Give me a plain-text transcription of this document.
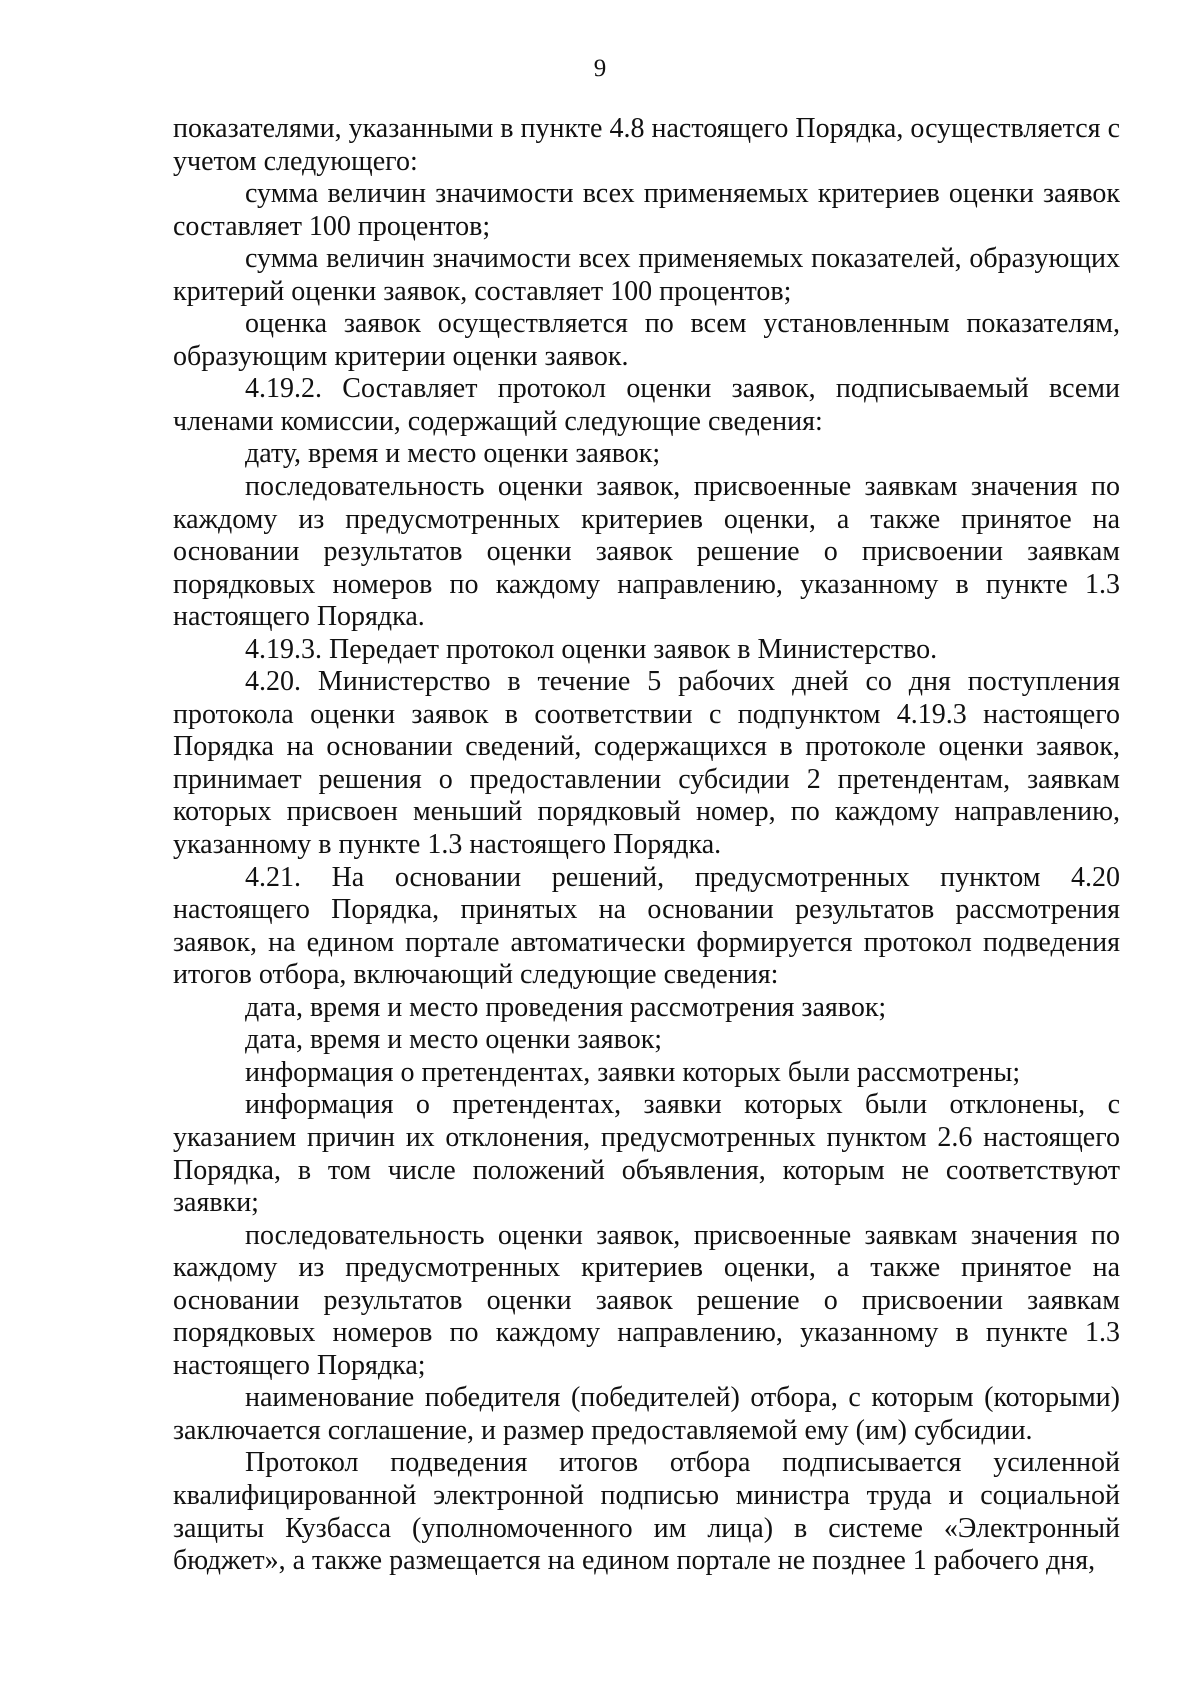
9

показателями, указанными в пункте 4.8 настоящего Порядка, осуществляется с учетом следующего:

сумма величин значимости всех применяемых критериев оценки заявок составляет 100 процентов;

сумма величин значимости всех применяемых показателей, образующих критерий оценки заявок, составляет 100 процентов;

оценка заявок осуществляется по всем установленным показателям, образующим критерии оценки заявок.

4.19.2. Составляет протокол оценки заявок, подписываемый всеми членами комиссии, содержащий следующие сведения:

дату, время и место оценки заявок;

последовательность оценки заявок, присвоенные заявкам значения по каждому из предусмотренных критериев оценки, а также принятое на основании результатов оценки заявок решение о присвоении заявкам порядковых номеров по каждому направлению, указанному в пункте 1.3 настоящего Порядка.

4.19.3. Передает протокол оценки заявок в Министерство.

4.20. Министерство в течение 5 рабочих дней со дня поступления протокола оценки заявок в соответствии с подпунктом 4.19.3 настоящего Порядка на основании сведений, содержащихся в протоколе оценки заявок, принимает решения о предоставлении субсидии 2 претендентам, заявкам которых присвоен меньший порядковый номер, по каждому направлению, указанному в пункте 1.3 настоящего Порядка.

4.21. На основании решений, предусмотренных пунктом 4.20 настоящего Порядка, принятых на основании результатов рассмотрения заявок, на едином портале автоматически формируется протокол подведения итогов отбора, включающий следующие сведения:

дата, время и место проведения рассмотрения заявок;

дата, время и место оценки заявок;

информация о претендентах, заявки которых были рассмотрены;

информация о претендентах, заявки которых были отклонены, с указанием причин их отклонения, предусмотренных пунктом 2.6 настоящего Порядка, в том числе положений объявления, которым не соответствуют заявки;

последовательность оценки заявок, присвоенные заявкам значения по каждому из предусмотренных критериев оценки, а также принятое на основании результатов оценки заявок решение о присвоении заявкам порядковых номеров по каждому направлению, указанному в пункте 1.3 настоящего Порядка;

наименование победителя (победителей) отбора, с которым (которыми) заключается соглашение, и размер предоставляемой ему (им) субсидии.

Протокол подведения итогов отбора подписывается усиленной квалифицированной электронной подписью министра труда и социальной защиты Кузбасса (уполномоченного им лица) в системе «Электронный бюджет», а также размещается на едином портале не позднее 1 рабочего дня,
